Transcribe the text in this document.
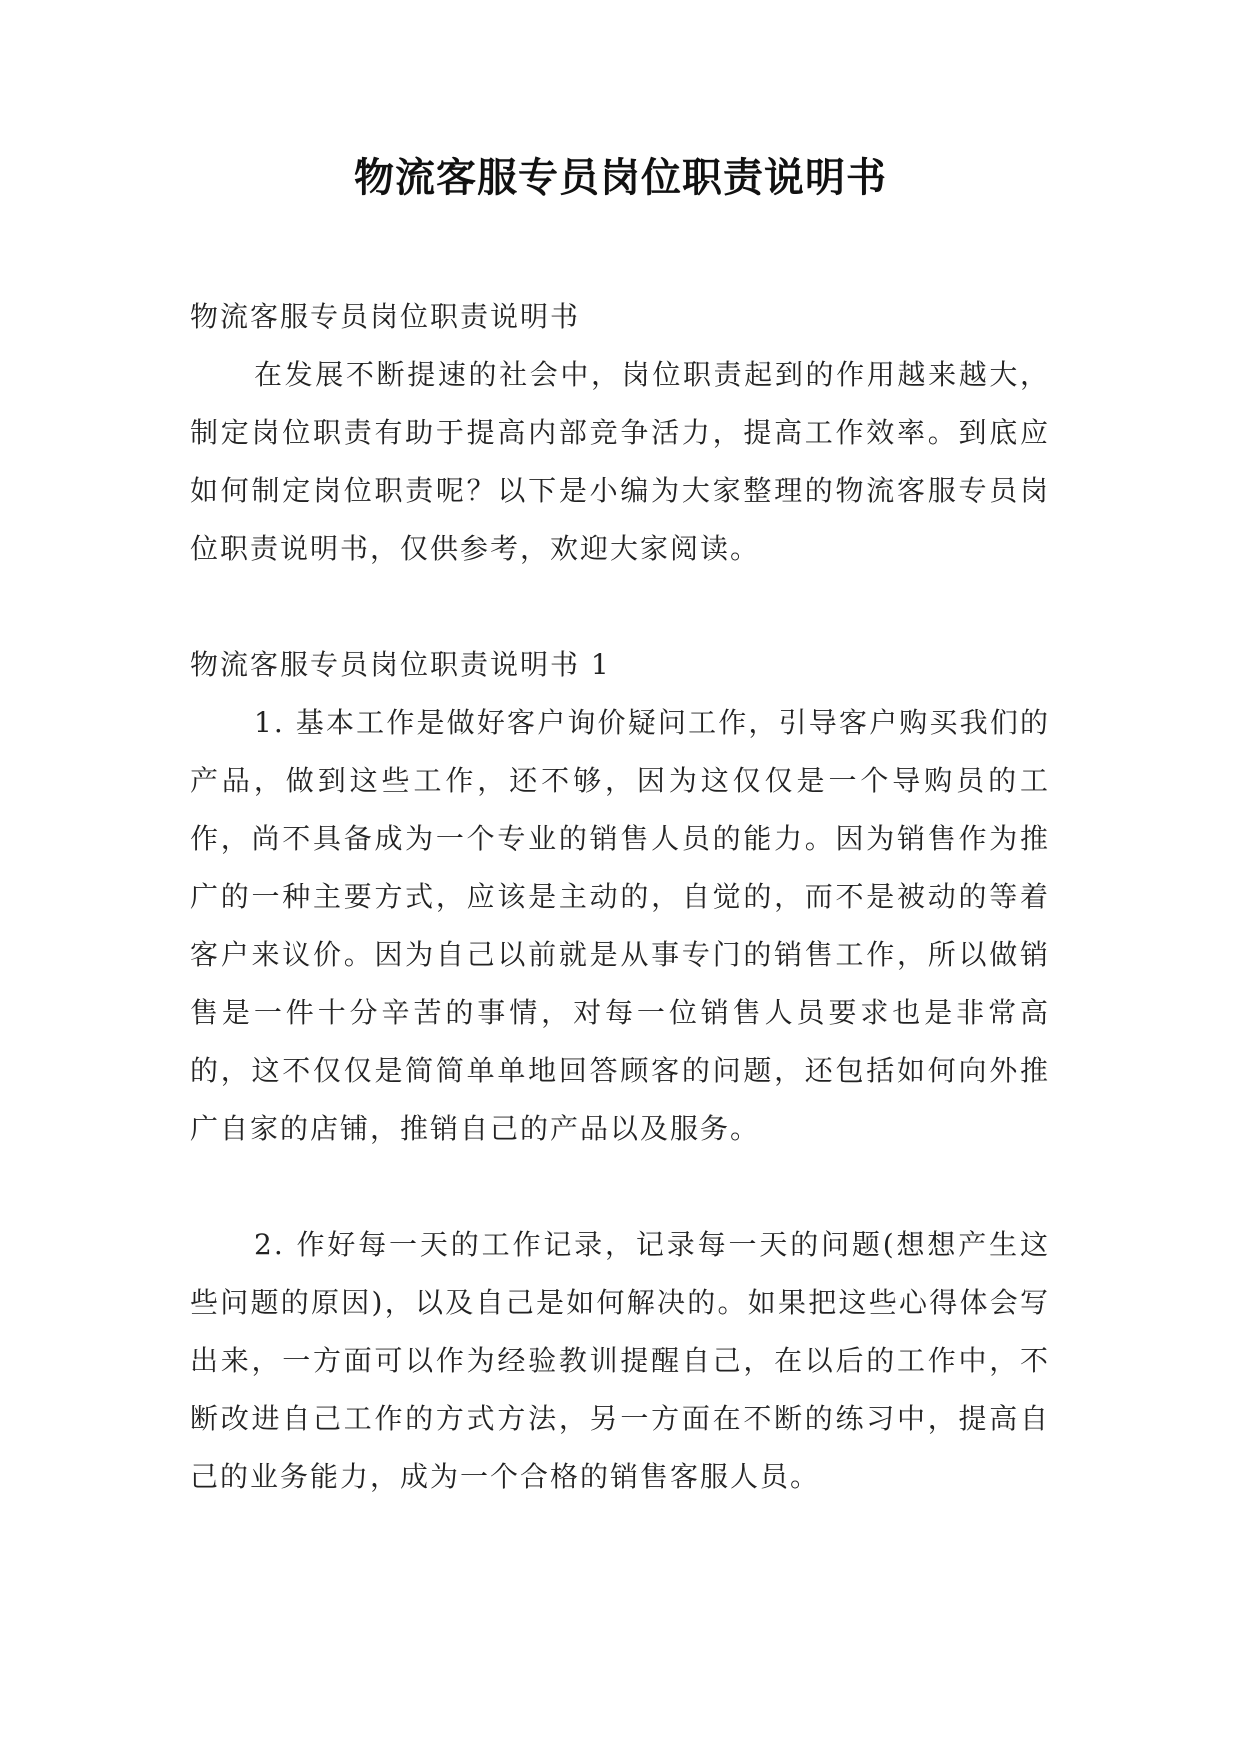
物流客服专员岗位职责说明书

物流客服专员岗位职责说明书

在发展不断提速的社会中，岗位职责起到的作用越来越大，制定岗位职责有助于提高内部竞争活力，提高工作效率。到底应如何制定岗位职责呢？以下是小编为大家整理的物流客服专员岗位职责说明书，仅供参考，欢迎大家阅读。

物流客服专员岗位职责说明书 1

1. 基本工作是做好客户询价疑问工作，引导客户购买我们的产品，做到这些工作，还不够，因为这仅仅是一个导购员的工作，尚不具备成为一个专业的销售人员的能力。因为销售作为推广的一种主要方式，应该是主动的，自觉的，而不是被动的等着客户来议价。因为自己以前就是从事专门的销售工作，所以做销售是一件十分辛苦的事情，对每一位销售人员要求也是非常高的，这不仅仅是简简单单地回答顾客的问题，还包括如何向外推广自家的店铺，推销自己的产品以及服务。

2. 作好每一天的工作记录，记录每一天的问题(想想产生这些问题的原因)，以及自己是如何解决的。如果把这些心得体会写出来，一方面可以作为经验教训提醒自己，在以后的工作中，不断改进自己工作的方式方法，另一方面在不断的练习中，提高自己的业务能力，成为一个合格的销售客服人员。
